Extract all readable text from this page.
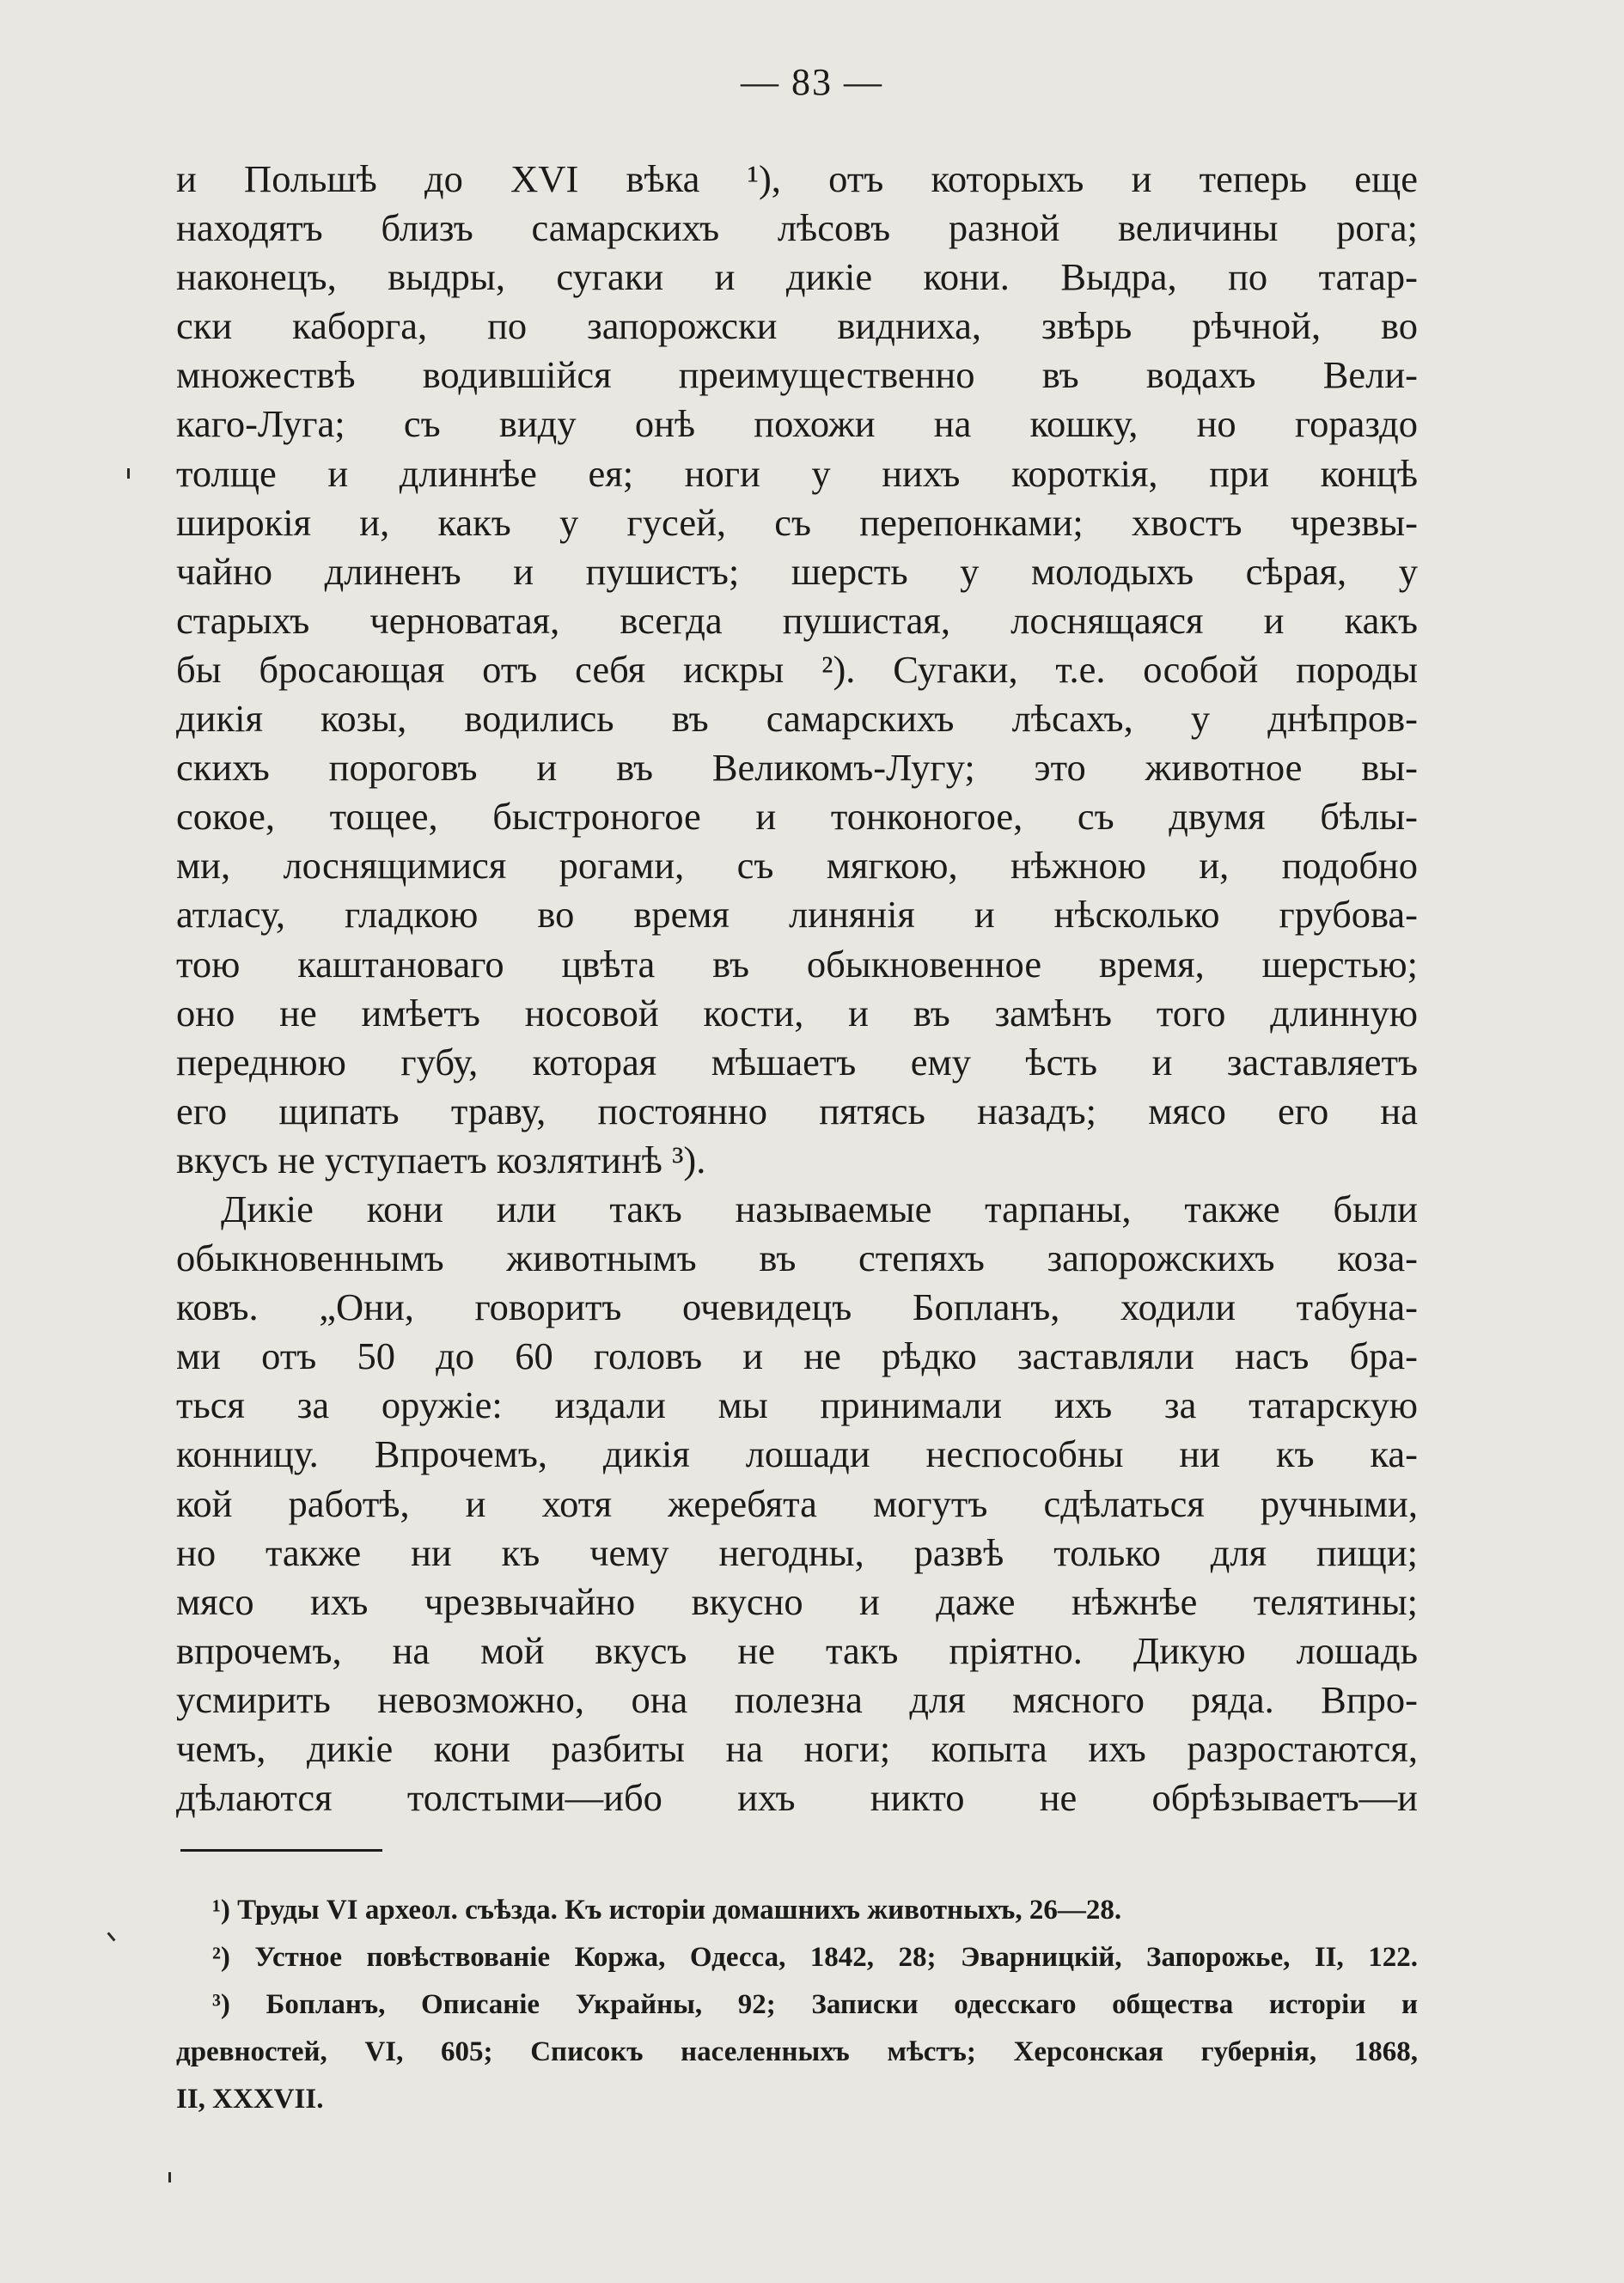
— 83 —
и Польшѣ до XVI вѣка ¹), отъ которыхъ и теперь еще
находятъ близъ самарскихъ лѣсовъ разной величины рога;
наконецъ, выдры, сугаки и дикіе кони. Выдра, по татар-
ски каборга, по запорожски видниха, звѣрь рѣчной, во
множествѣ водившійся преимущественно въ водахъ Вели-
каго-Луга; съ виду онѣ похожи на кошку, но гораздо
толще и длиннѣе ея; ноги у нихъ короткія, при концѣ
широкія и, какъ у гусей, съ перепонками; хвостъ чрезвы-
чайно длиненъ и пушистъ; шерсть у молодыхъ сѣрая, у
старыхъ черноватая, всегда пушистая, лоснящаяся и какъ
бы бросающая отъ себя искры ²). Сугаки, т.е. особой породы
дикія козы, водились въ самарскихъ лѣсахъ, у днѣпров-
скихъ пороговъ и въ Великомъ-Лугу; это животное вы-
сокое, тощее, быстроногое и тонконогое, съ двумя бѣлы-
ми, лоснящимися рогами, съ мягкою, нѣжною и, подобно
атласу, гладкою во время линянія и нѣсколько грубова-
тою каштановаго цвѣта въ обыкновенное время, шерстью;
оно не имѣетъ носовой кости, и въ замѣнъ того длинную
переднюю губу, которая мѣшаетъ ему ѣсть и заставляетъ
его щипать траву, постоянно пятясь назадъ; мясо его на
вкусъ не уступаетъ козлятинѣ ³).
Дикіе кони или такъ называемые тарпаны, также были
обыкновеннымъ животнымъ въ степяхъ запорожскихъ коза-
ковъ. „Они, говоритъ очевидецъ Бопланъ, ходили табуна-
ми отъ 50 до 60 головъ и не рѣдко заставляли насъ бра-
ться за оружіе: издали мы принимали ихъ за татарскую
конницу. Впрочемъ, дикія лошади неспособны ни къ ка-
кой работѣ, и хотя жеребята могутъ сдѣлаться ручными,
но также ни къ чему негодны, развѣ только для пищи;
мясо ихъ чрезвычайно вкусно и даже нѣжнѣе телятины;
впрочемъ, на мой вкусъ не такъ пріятно. Дикую лошадь
усмирить невозможно, она полезна для мясного ряда. Впро-
чемъ, дикіе кони разбиты на ноги; копыта ихъ разростаются,
дѣлаются толстыми—ибо ихъ никто не обрѣзываетъ—и
¹) Труды VI археол. съѣзда. Къ исторіи домашнихъ животныхъ, 26—28.
²) Устное повѣствованіе Коржа, Одесса, 1842, 28; Эварницкій, Запорожье, II, 122.
³) Бопланъ, Описаніе Украйны, 92; Записки одесскаго общества исторіи и
древностей, VI, 605; Списокъ населенныхъ мѣстъ; Херсонская губернія, 1868,
II, XXXVII.
